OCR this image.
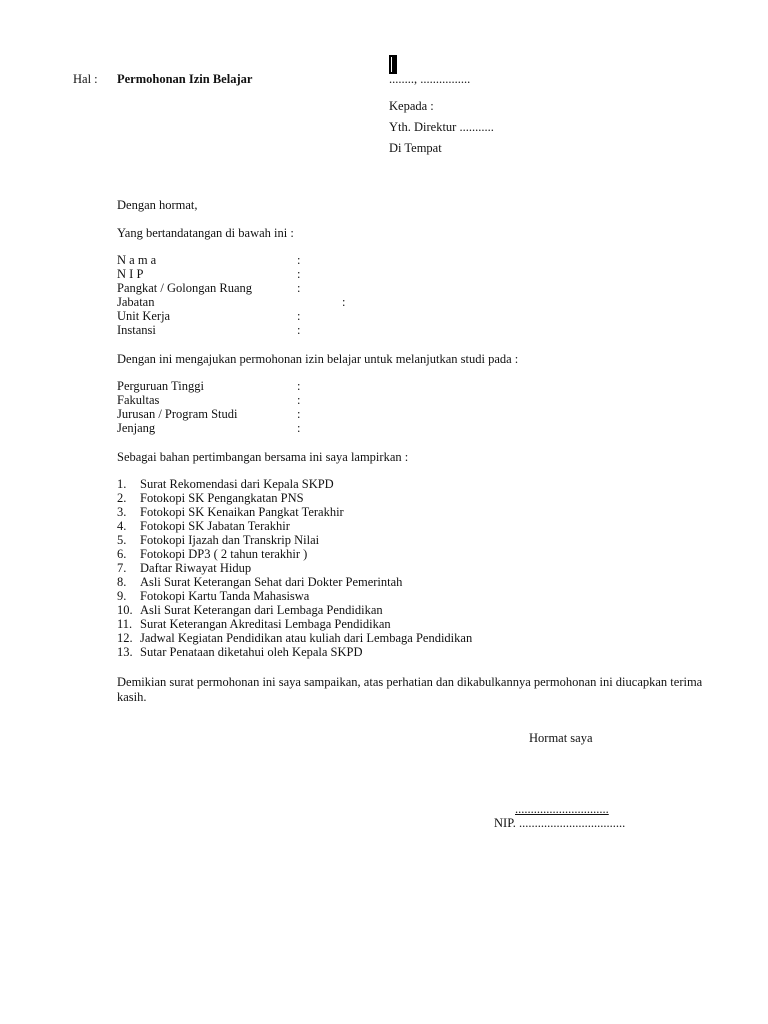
Hal : Permohonan Izin Belajar	........, ................
Kepada :
Yth. Direktur ...........
Di Tempat
Dengan hormat,
Yang bertandatangan di bawah ini :
N a m a	:
N I P	:
Pangkat / Golongan Ruang	:
Jabatan	:
Unit Kerja	:
Instansi	:
Dengan ini mengajukan permohonan izin belajar untuk melanjutkan studi pada :
Perguruan Tinggi	:
Fakultas	:
Jurusan / Program Studi	:
Jenjang	:
Sebagai bahan pertimbangan bersama ini saya lampirkan :
1. Surat Rekomendasi dari Kepala SKPD
2. Fotokopi SK Pengangkatan PNS
3. Fotokopi SK Kenaikan Pangkat Terakhir
4. Fotokopi SK Jabatan Terakhir
5. Fotokopi Ijazah dan Transkrip Nilai
6. Fotokopi DP3 ( 2 tahun terakhir )
7. Daftar Riwayat Hidup
8. Asli Surat Keterangan Sehat dari Dokter Pemerintah
9. Fotokopi Kartu Tanda Mahasiswa
10. Asli Surat Keterangan dari Lembaga Pendidikan
11. Surat Keterangan Akreditasi Lembaga Pendidikan
12. Jadwal Kegiatan Pendidikan atau kuliah dari Lembaga Pendidikan
13. Sutar Penataan diketahui oleh Kepala SKPD
Demikian surat permohonan ini saya sampaikan, atas perhatian dan dikabulkannya permohonan ini diucapkan terima kasih.
Hormat saya
..............................
NIP. ..................................
